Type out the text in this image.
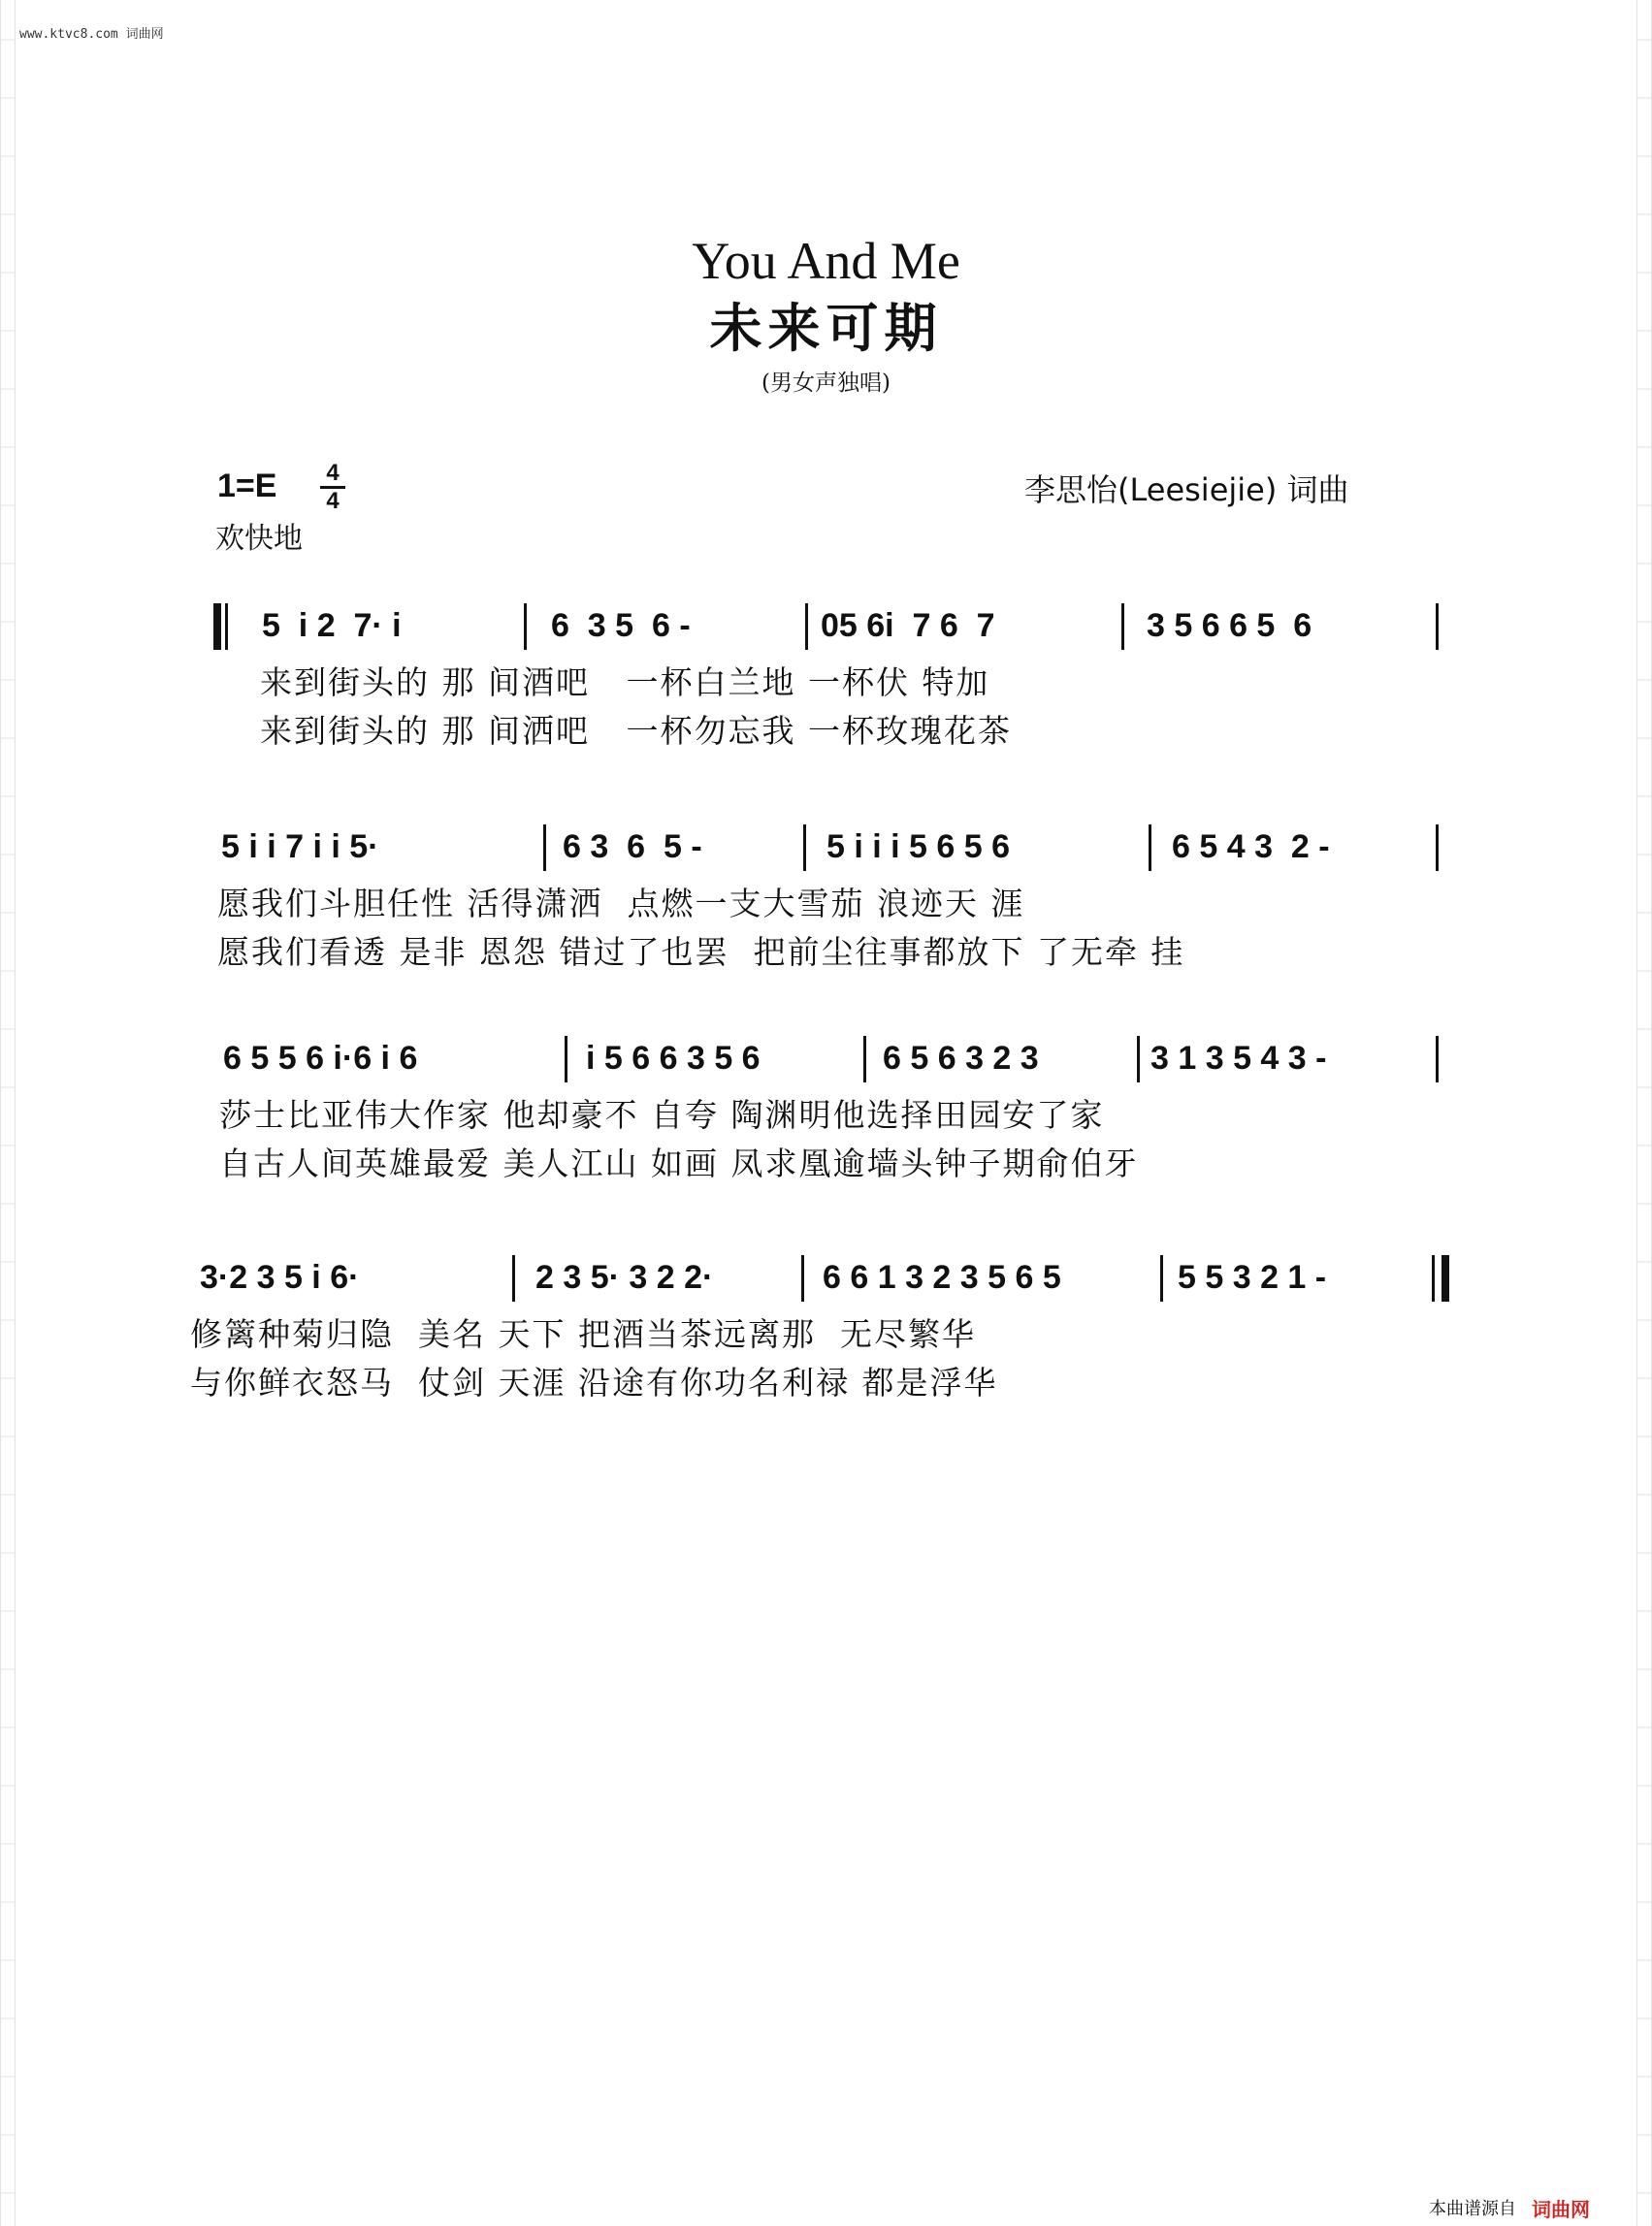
www.ktvc8.com 词曲网
You And Me
未来可期
(男女声独唱)
1=E 4
4
欢快地
李思怡(Leesiejie) 词曲
5  i 2  7· i	6  3 5  6 -	05 6i  7 6  7	3 5 6 6 5  6
来到街头的 那 间酒吧   一杯白兰地 一杯伏 特加
来到街头的 那 间洒吧   一杯勿忘我 一杯玫瑰花茶
5 i i 7 i i 5·	6 3  6  5 -	5 i i i 5 6 5 6	6 5 4 3  2 -
愿我们斗胆任性 活得潇洒  点燃一支大雪茄 浪迹天 涯
愿我们看透 是非 恩怨 错过了也罢  把前尘往事都放下 了无牵 挂
6 5 5 6 i·6 i 6	i 5 6 6 3 5 6	6 5 6 3 2 3	3 1 3 5 4 3 -
莎士比亚伟大作家 他却豪不 自夸 陶渊明他选择田园安了家
自古人间英雄最爱 美人江山 如画 凤求凰逾墙头钟子期俞伯牙
3·2 3 5 i 6·	2 3 5· 3 2 2·	6 6 1 3 2 3 5 6 5	5 5 3 2 1 -
修篱种菊归隐  美名 天下 把酒当茶远离那  无尽繁华
与你鲜衣怒马  仗剑 天涯 沿途有你功名利禄 都是浮华
本曲谱源自 词曲网
